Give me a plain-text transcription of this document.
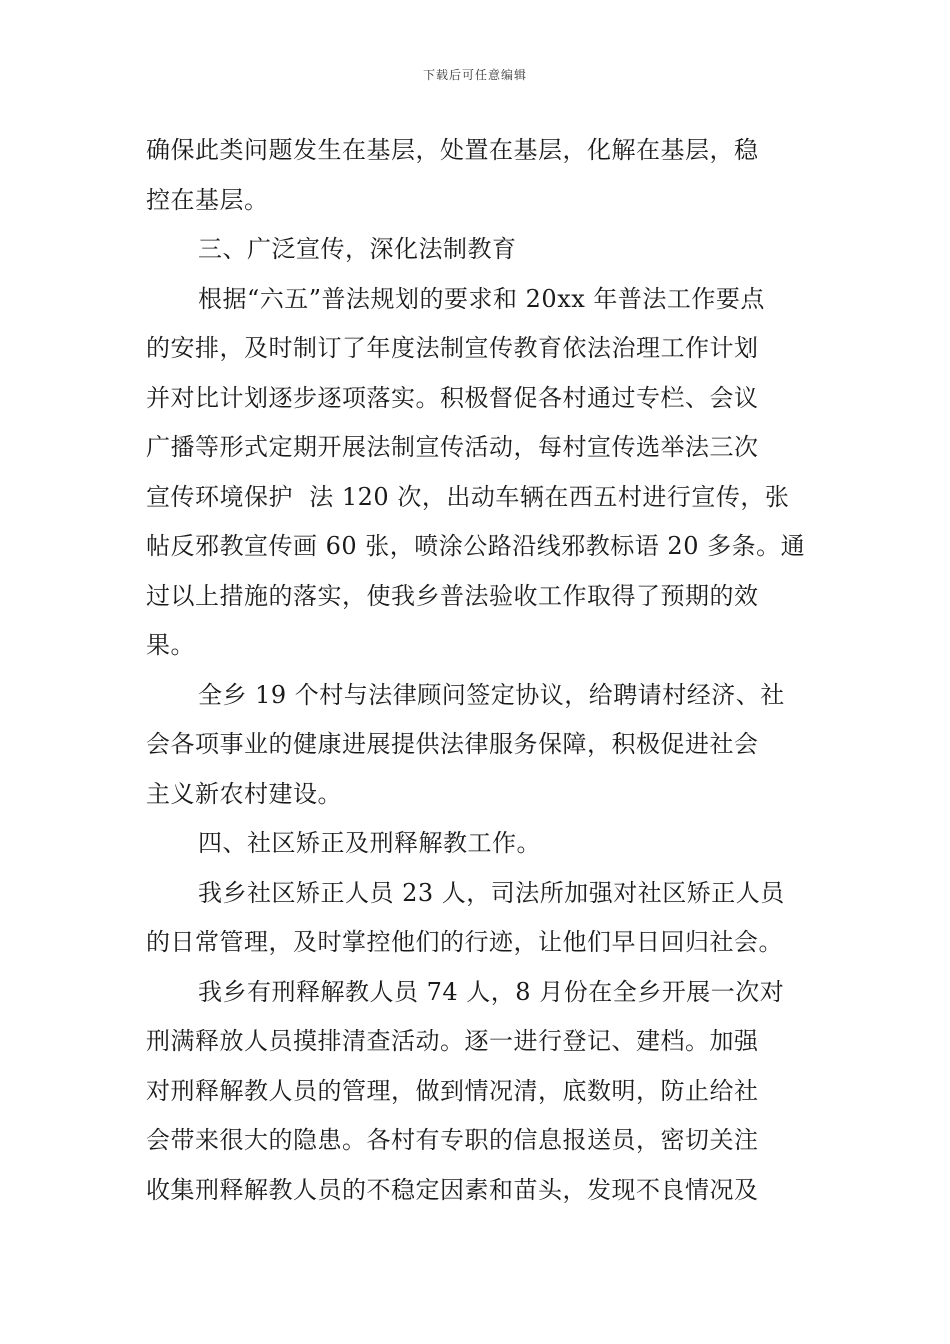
下载后可任意编辑

确保此类问题发生在基层，处置在基层，化解在基层，稳
控在基层。

三、广泛宣传，深化法制教育

根据“六五”普法规划的要求和 20xx 年普法工作要点
的安排，及时制订了年度法制宣传教育依法治理工作计划
并对比计划逐步逐项落实。积极督促各村通过专栏、会议
广播等形式定期开展法制宣传活动，每村宣传选举法三次
宣传环境保护  法 120 次，出动车辆在西五村进行宣传，张
帖反邪教宣传画 60 张，喷涂公路沿线邪教标语 20 多条。通
过以上措施的落实，使我乡普法验收工作取得了预期的效
果。

全乡 19 个村与法律顾问签定协议，给聘请村经济、社
会各项事业的健康进展提供法律服务保障，积极促进社会
主义新农村建设。

四、社区矫正及刑释解教工作。

我乡社区矫正人员 23 人，司法所加强对社区矫正人员
的日常管理，及时掌控他们的行迹，让他们早日回归社会。

我乡有刑释解教人员 74 人，8 月份在全乡开展一次对
刑满释放人员摸排清查活动。逐一进行登记、建档。加强
对刑释解教人员的管理，做到情况清，底数明，防止给社
会带来很大的隐患。各村有专职的信息报送员，密切关注
收集刑释解教人员的不稳定因素和苗头，发现不良情况及
